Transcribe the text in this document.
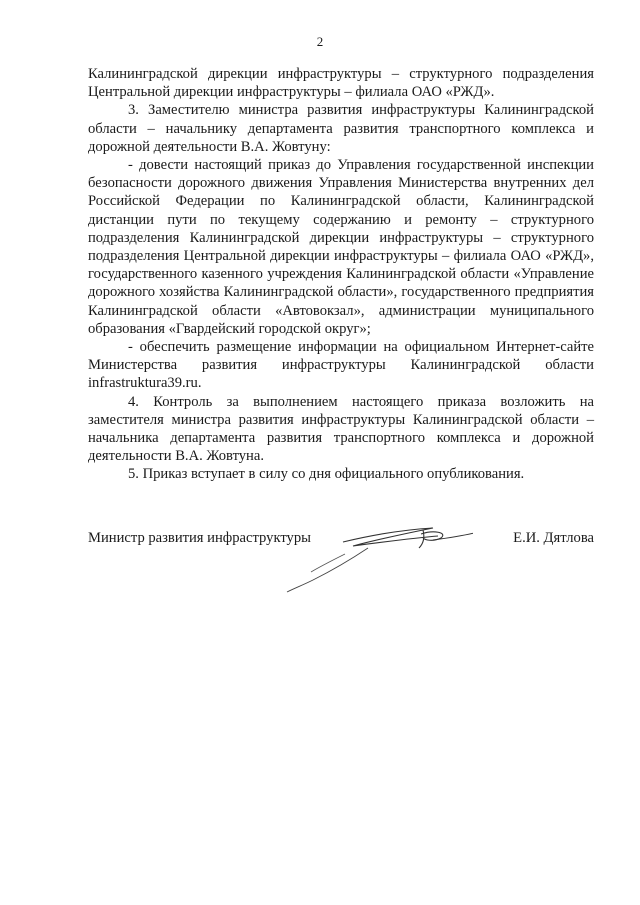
2

Калининградской дирекции инфраструктуры – структурного подразделения Центральной дирекции инфраструктуры – филиала ОАО «РЖД».

3. Заместителю министра развития инфраструктуры Калининградской области – начальнику департамента развития транспортного комплекса и дорожной деятельности В.А. Жовтуну:

- довести настоящий приказ до Управления государственной инспекции безопасности дорожного движения Управления Министерства внутренних дел Российской Федерации по Калининградской области, Калининградской дистанции пути по текущему содержанию и ремонту – структурного подразделения Калининградской дирекции инфраструктуры – структурного подразделения Центральной дирекции инфраструктуры – филиала ОАО «РЖД», государственного казенного учреждения Калининградской области «Управление дорожного хозяйства Калининградской области», государственного предприятия Калининградской области «Автовокзал», администрации муниципального образования «Гвардейский городской округ»;

- обеспечить размещение информации на официальном Интернет-сайте Министерства развития инфраструктуры Калининградской области infrastruktura39.ru.

4. Контроль за выполнением настоящего приказа возложить на заместителя министра развития инфраструктуры Калининградской области – начальника департамента развития транспортного комплекса и дорожной деятельности В.А. Жовтуна.

5. Приказ вступает в силу со дня официального опубликования.

Министр развития инфраструктуры	Е.И. Дятлова
